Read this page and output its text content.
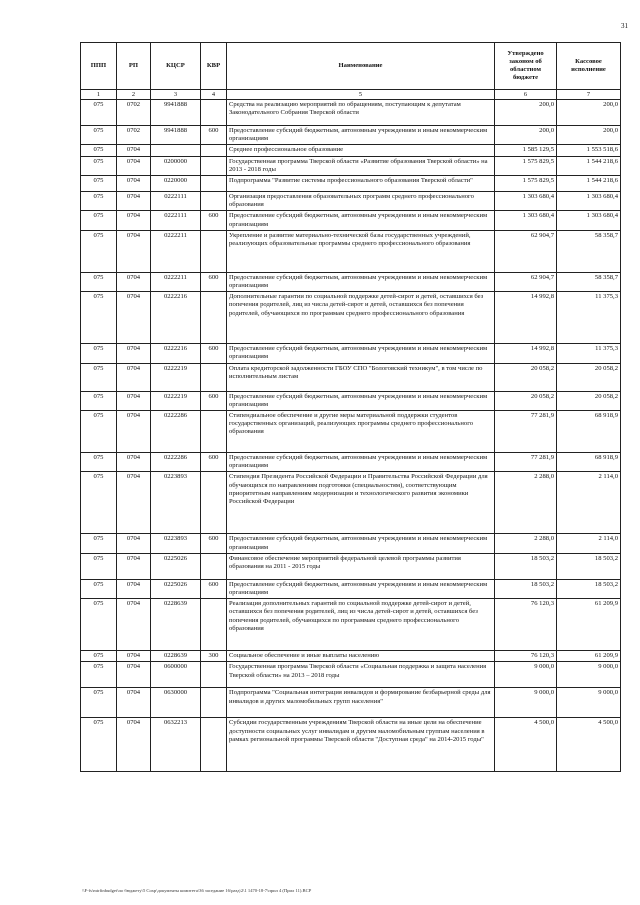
31
ППП	РП	КЦСР	КВР	Наименование	Утверждено законом об областном бюджете	Кассовое исполнение
1	2	3	4	5	6	7
075	0702	9941888		Средства на реализацию мероприятий по обращениям, поступающим к депутатам Законодательного Собрания Тверской области	200,0	200,0
075	0702	9941888	600	Предоставление субсидий бюджетным, автономным учреждениям и иным некоммерческим организациям	200,0	200,0
075	0704			Среднее профессиональное образование	1 585 129,5	1 553 518,6
075	0704	0200000		Государственная программа Тверской области «Развитие образования Тверской области» на 2013 - 2018 годы	1 575 829,5	1 544 218,6
075	0704	0220000		Подпрограмма "Развитие системы профессионального образования Тверской области"	1 575 829,5	1 544 218,6
075	0704	0222111		Организация предоставления образовательных программ среднего профессионального образования	1 303 680,4	1 303 680,4
075	0704	0222111	600	Предоставление субсидий бюджетным, автономным учреждениям и иным некоммерческим организациям	1 303 680,4	1 303 680,4
075	0704	0222211		Укрепление и развитие материально-технической базы государственных учреждений, реализующих образовательные программы среднего профессионального образования	62 904,7	58 358,7
075	0704	0222211	600	Предоставление субсидий бюджетным, автономным учреждениям и иным некоммерческим организациям	62 904,7	58 358,7
075	0704	0222216		Дополнительные гарантии по социальной поддержке детей-сирот и детей, оставшихся без попечения родителей, лиц из числа детей-сирот и детей, оставшихся без попечения родителей, обучающихся по программам среднего профессионального образования	14 992,8	11 375,3
075	0704	0222216	600	Предоставление субсидий бюджетным, автономным учреждениям и иным некоммерческим организациям	14 992,8	11 375,3
075	0704	0222219		Оплата кредиторской задолженности ГБОУ СПО "Бологовский техникум", в том числе по исполнительным листам	20 058,2	20 058,2
075	0704	0222219	600	Предоставление субсидий бюджетным, автономным учреждениям и иным некоммерческим организациям	20 058,2	20 058,2
075	0704	0222286		Стипендиальное обеспечение и другие меры материальной поддержки студентов государственных организаций, реализующих программы среднего профессионального образования	77 281,9	68 918,9
075	0704	0222286	600	Предоставление субсидий бюджетным, автономным учреждениям и иным некоммерческим организациям	77 281,9	68 918,9
075	0704	0223893		Стипендия Президента Российской Федерации и Правительства Российской Федерации для обучающихся по направлениям подготовки (специальностям), соответствующим приоритетным направлениям модернизации и технологического развития экономики Российской Федерации	2 288,0	2 114,0
075	0704	0223893	600	Предоставление субсидий бюджетным, автономным учреждениям и иным некоммерческим организациям	2 288,0	2 114,0
075	0704	0225026		Финансовое обеспечение мероприятий федеральной целевой программы развития образования на 2011 - 2015 годы	18 503,2	18 503,2
075	0704	0225026	600	Предоставление субсидий бюджетным, автономным учреждениям и иным некоммерческим организациям	18 503,2	18 503,2
075	0704	0228639		Реализация дополнительных гарантий по социальной поддержке детей-сирот и детей, оставшихся без попечения родителей, лиц из числа детей-сирот и детей, оставшихся без попечения родителей, обучающихся по программам среднего профессионального образования	76 120,3	61 209,9
075	0704	0228639	300	Социальное обеспечение и иные выплаты населению	76 120,3	61 209,9
075	0704	0600000		Государственная программа Тверской области «Социальная поддержка и защита населения Тверской области» на 2013 – 2018 годы	9 000,0	9 000,0
075	0704	0630000		Подпрограмма "Социальная интеграция инвалидов и формирование безбарьерной среды для инвалидов и других маломобильных групп населения"	9 000,0	9 000,0
075	0704	0632213		Субсидии государственным учреждениям Тверской области на иные цели на обеспечение доступности социальных услуг инвалидам и другим маломобильным группам населения в рамках региональной программы Тверской области "Доступная среда" на 2014-2015 годы"	4 500,0	4 500,0
\\F-fs\mtrfinbudget\по бюджету\5 Сохр\документы комитета\36 заседание 16\разд\2\1 1470-18-7\прил 4 (Прил 11).BCP
